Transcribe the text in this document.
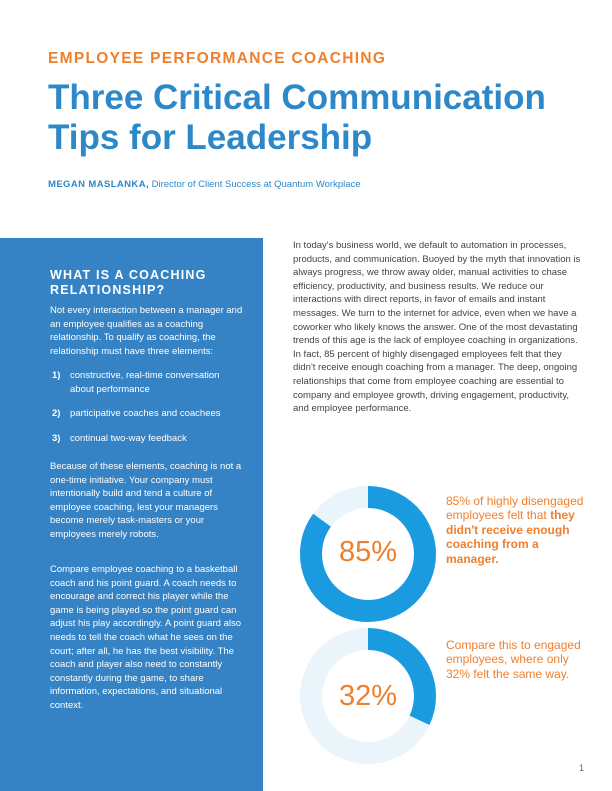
EMPLOYEE PERFORMANCE COACHING
Three Critical Communication
Tips for Leadership
MEGAN MASLANKA, Director of Client Success at Quantum Workplace
WHAT IS A COACHING
RELATIONSHIP?
Not every interaction between a manager and an employee qualifies as a coaching relationship. To qualify as coaching, the relationship must have three elements:
1) constructive, real-time conversation about performance
2) participative coaches and coachees
3) continual two-way feedback
Because of these elements, coaching is not a one-time initiative. Your company must intentionally build and tend a culture of employee coaching, lest your managers become merely task-masters or your employees merely robots.
Compare employee coaching to a basketball coach and his point guard. A coach needs to encourage and correct his player while the game is being played so the point guard can adjust his play accordingly. A point guard also needs to tell the coach what he sees on the court; after all, he has the best visibility. The coach and player also need to constantly constantly during the game, to share information, expectations, and situational context.
In today's business world, we default to automation in processes, products, and communication. Buoyed by the myth that innovation is always progress, we throw away older, manual activities to chase efficiency, productivity, and business results. We reduce our interactions with direct reports, in favor of emails and instant messages. We turn to the internet for advice, even when we have a coworker who likely knows the answer. One of the most devastating trends of this age is the lack of employee coaching in organizations. In fact, 85 percent of highly disengaged employees felt that they didn't receive enough coaching from a manager. The deep, ongoing relationships that come from employee coaching are essential to company and employee growth, driving engagement, productivity, and employee performance.
85%
85% of highly disengaged employees felt that they didn't receive enough coaching from a manager.
32%
Compare this to engaged employees, where only 32% felt the same way.
1
